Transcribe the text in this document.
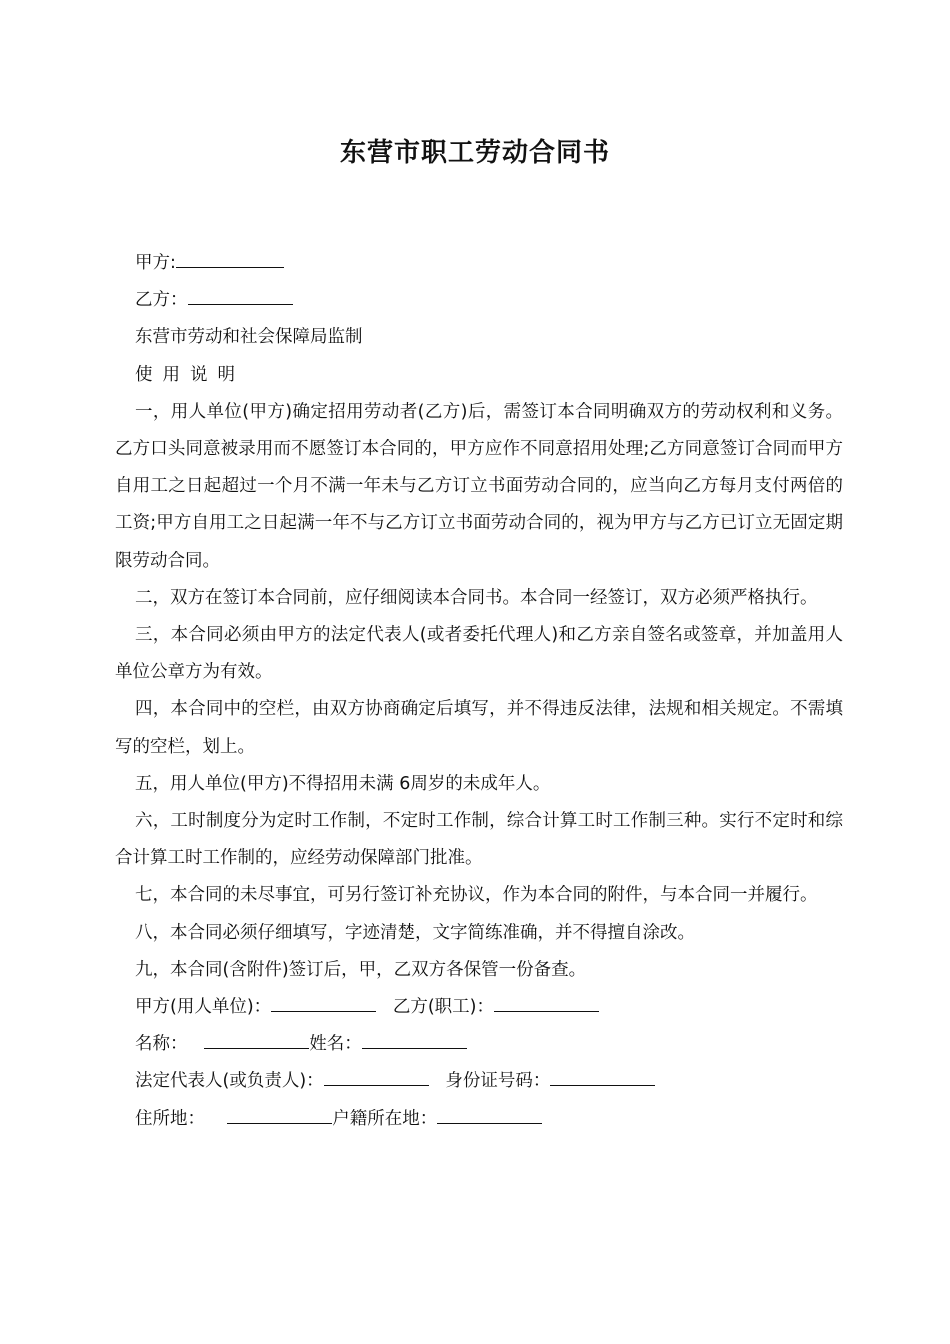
东营市职工劳动合同书
甲方:
乙方：
东营市劳动和社会保障局监制
使用说明
一，用人单位(甲方)确定招用劳动者(乙方)后，需签订本合同明确双方的劳动权利和义务。乙方口头同意被录用而不愿签订本合同的，甲方应作不同意招用处理;乙方同意签订合同而甲方自用工之日起超过一个月不满一年未与乙方订立书面劳动合同的，应当向乙方每月支付两倍的工资;甲方自用工之日起满一年不与乙方订立书面劳动合同的，视为甲方与乙方已订立无固定期限劳动合同。
二，双方在签订本合同前，应仔细阅读本合同书。本合同一经签订，双方必须严格执行。
三，本合同必须由甲方的法定代表人(或者委托代理人)和乙方亲自签名或签章，并加盖用人单位公章方为有效。
四，本合同中的空栏，由双方协商确定后填写，并不得违反法律，法规和相关规定。不需填写的空栏，划上。
五，用人单位(甲方)不得招用未满 6周岁的未成年人。
六，工时制度分为定时工作制，不定时工作制，综合计算工时工作制三种。实行不定时和综合计算工时工作制的，应经劳动保障部门批准。
七，本合同的未尽事宜，可另行签订补充协议，作为本合同的附件，与本合同一并履行。
八，本合同必须仔细填写，字迹清楚，文字简练准确，并不得擅自涂改。
九，本合同(含附件)签订后，甲，乙双方各保管一份备查。
甲方(用人单位)：	乙方(职工)：
名称：	姓名：
法定代表人(或负责人)：	身份证号码：
住所地：	户籍所在地：
